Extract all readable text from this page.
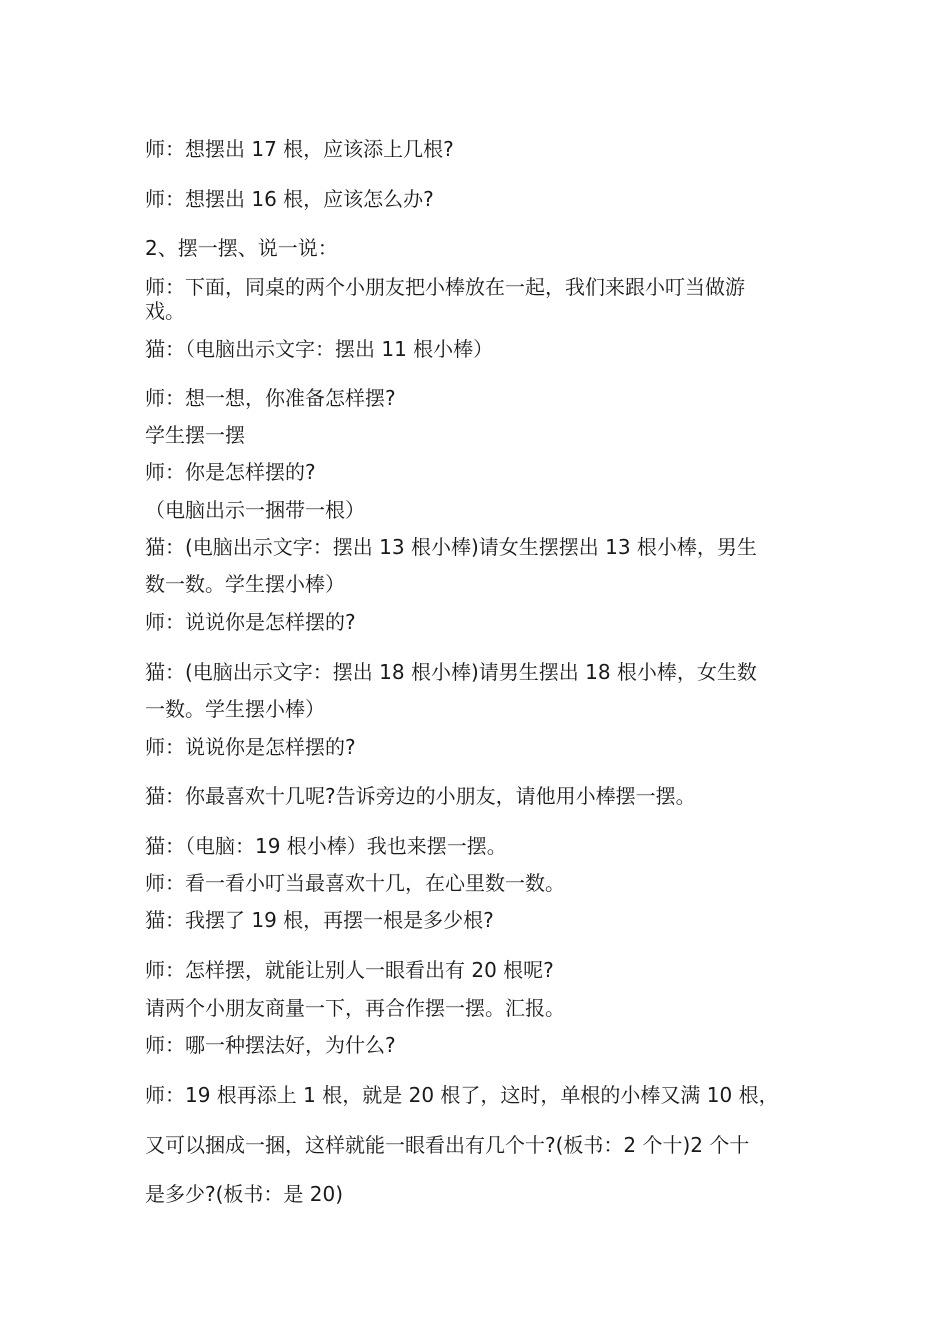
师：想摆出 17 根，应该添上几根?
师：想摆出 16 根，应该怎么办?
2、摆一摆、说一说：
师：下面，同桌的两个小朋友把小棒放在一起，我们来跟小叮当做游
戏。
猫：（电脑出示文字：摆出 11 根小棒）
师：想一想，你准备怎样摆?
学生摆一摆
师：你是怎样摆的?
（电脑出示一捆带一根）
猫：(电脑出示文字：摆出 13 根小棒)请女生摆摆出 13 根小棒，男生
数一数。学生摆小棒）
师：说说你是怎样摆的?
猫：(电脑出示文字：摆出 18 根小棒)请男生摆出 18 根小棒，女生数
一数。学生摆小棒）
师：说说你是怎样摆的?
猫：你最喜欢十几呢?告诉旁边的小朋友，请他用小棒摆一摆。
猫：（电脑：19 根小棒）我也来摆一摆。
师：看一看小叮当最喜欢十几，在心里数一数。
猫：我摆了 19 根，再摆一根是多少根?
师：怎样摆，就能让别人一眼看出有 20 根呢?
请两个小朋友商量一下，再合作摆一摆。汇报。
师：哪一种摆法好，为什么?
师：19 根再添上 1 根，就是 20 根了，这时，单根的小棒又满 10 根，
又可以捆成一捆，这样就能一眼看出有几个十?(板书：2 个十)2 个十
是多少?(板书：是 20)
